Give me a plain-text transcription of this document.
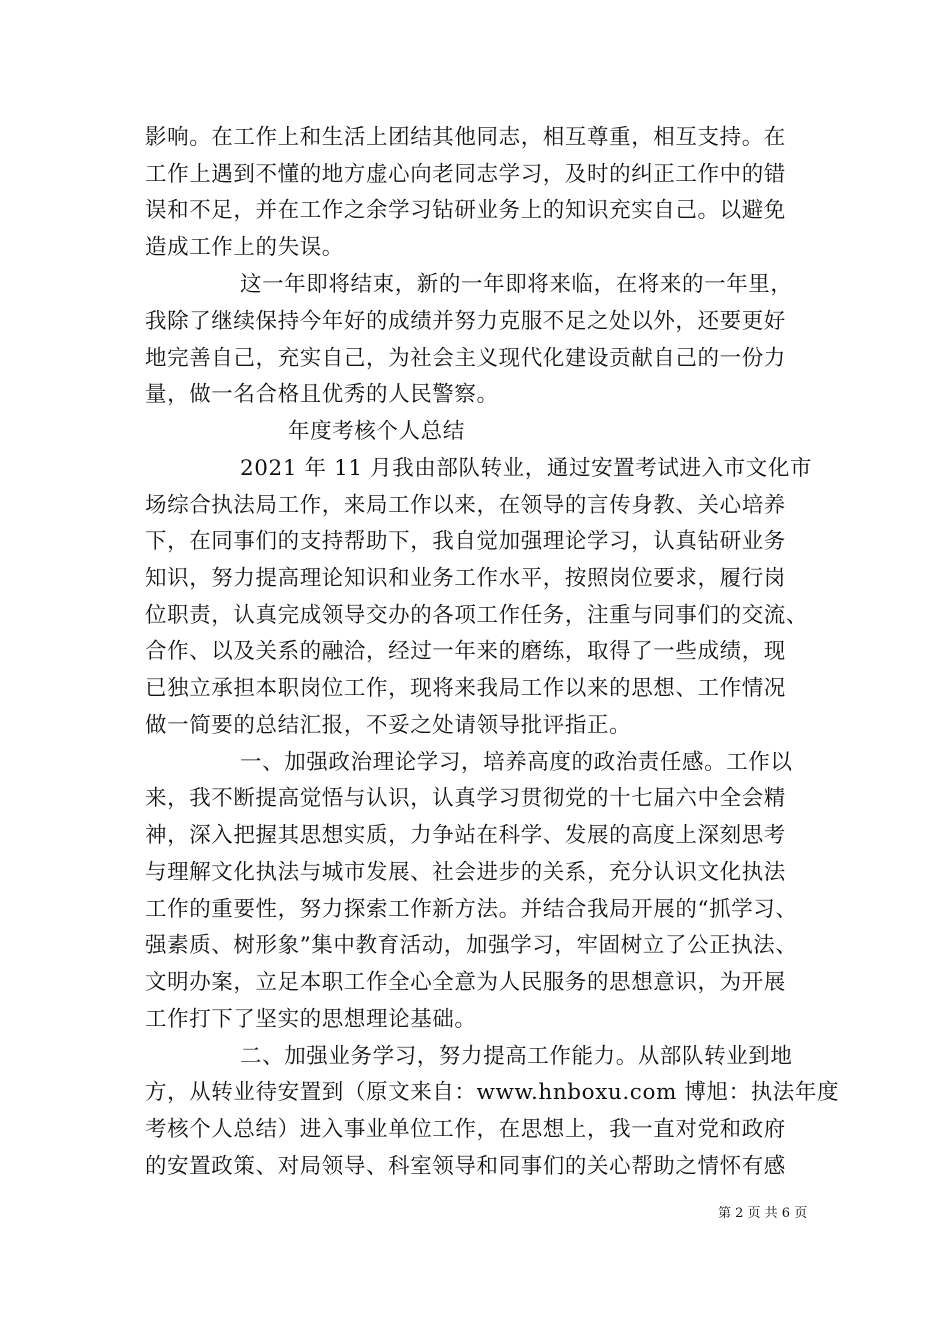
影响。在工作上和生活上团结其他同志，相互尊重，相互支持。在
工作上遇到不懂的地方虚心向老同志学习，及时的纠正工作中的错
误和不足，并在工作之余学习钻研业务上的知识充实自己。以避免
造成工作上的失误。
这一年即将结束，新的一年即将来临，在将来的一年里，
我除了继续保持今年好的成绩并努力克服不足之处以外，还要更好
地完善自己，充实自己，为社会主义现代化建设贡献自己的一份力
量，做一名合格且优秀的人民警察。
年度考核个人总结
2021 年 11 月我由部队转业，通过安置考试进入市文化市
场综合执法局工作，来局工作以来，在领导的言传身教、关心培养
下，在同事们的支持帮助下，我自觉加强理论学习，认真钻研业务
知识，努力提高理论知识和业务工作水平，按照岗位要求，履行岗
位职责，认真完成领导交办的各项工作任务，注重与同事们的交流、
合作、以及关系的融洽，经过一年来的磨练，取得了一些成绩，现
已独立承担本职岗位工作，现将来我局工作以来的思想、工作情况
做一简要的总结汇报，不妥之处请领导批评指正。
一、加强政治理论学习，培养高度的政治责任感。工作以
来，我不断提高觉悟与认识，认真学习贯彻党的十七届六中全会精
神，深入把握其思想实质，力争站在科学、发展的高度上深刻思考
与理解文化执法与城市发展、社会进步的关系，充分认识文化执法
工作的重要性，努力探索工作新方法。并结合我局开展的“抓学习、
强素质、树形象”集中教育活动，加强学习，牢固树立了公正执法、
文明办案，立足本职工作全心全意为人民服务的思想意识，为开展
工作打下了坚实的思想理论基础。
二、加强业务学习，努力提高工作能力。从部队转业到地
方，从转业待安置到（原文来自：www.hnboxu.com 博旭：执法年度
考核个人总结）进入事业单位工作，在思想上，我一直对党和政府
的安置政策、对局领导、科室领导和同事们的关心帮助之情怀有感
第 2 页 共 6 页
